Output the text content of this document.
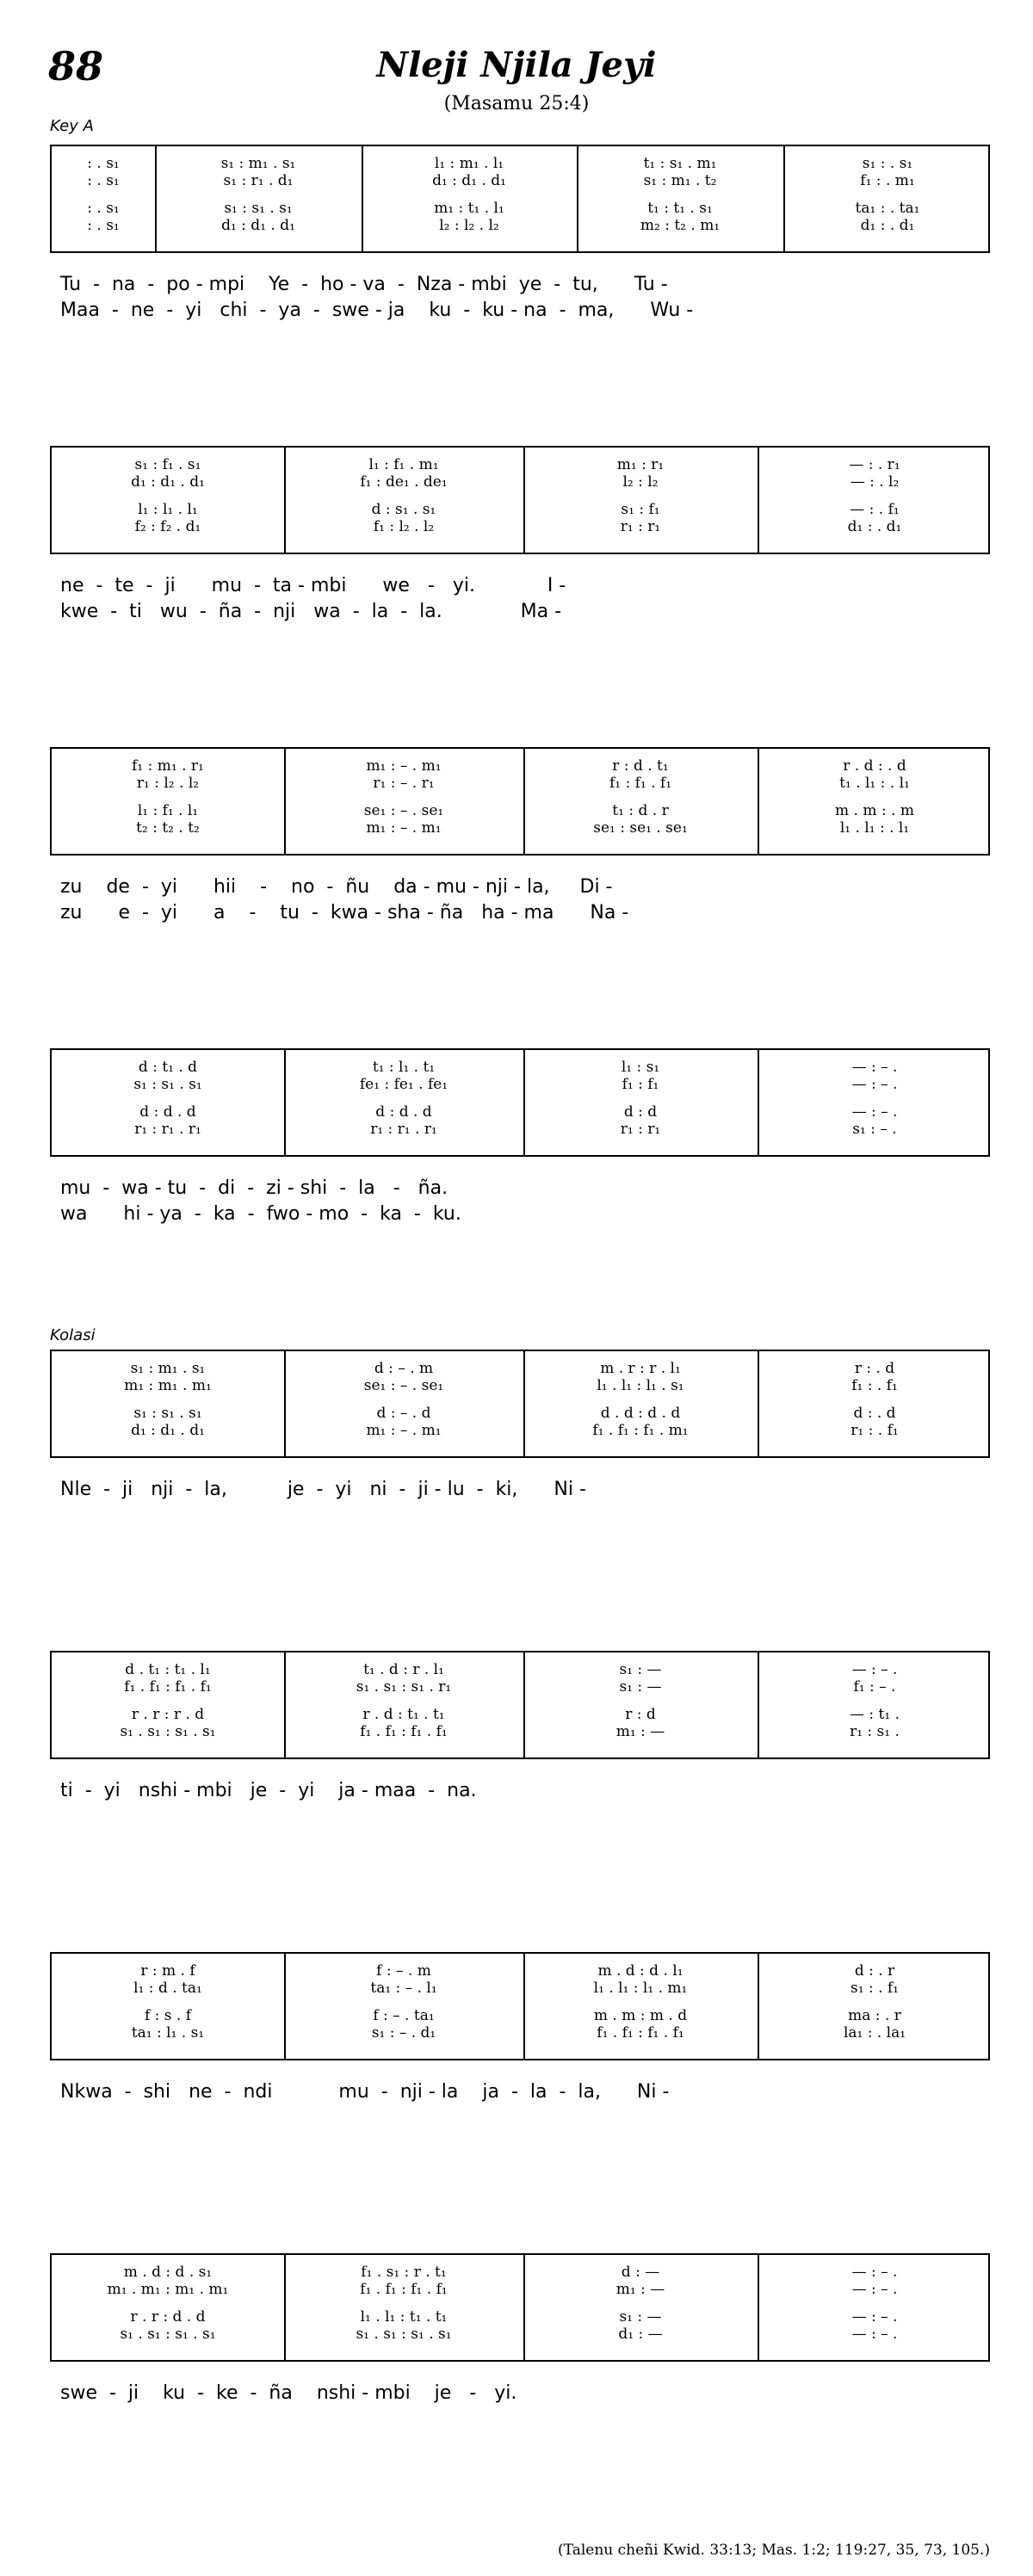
88	Nleji Njila Jeyi
(Masamu 25:4)
Key A
Kolasi
(Talenu cheñi Kwid. 33:13; Mas. 1:2; 119:27, 35, 73, 105.)
: . s₁
: . s₁
: . s₁
: . s₁
s₁ : m₁ . s₁
s₁ : r₁ . d₁
s₁ : s₁ . s₁
d₁ : d₁ . d₁
l₁ : m₁ . l₁
d₁ : d₁ . d₁
m₁ : t₁ . l₁
l₂ : l₂ . l₂
t₁ : s₁ . m₁
s₁ : m₁ . t₂
t₁ : t₁ . s₁
m₂ : t₂ . m₁
s₁ : . s₁
f₁ : . m₁
ta₁ : . ta₁
d₁ : . d₁
Tu  -  na  -  po - mpi    Ye  -  ho - va  -  Nza - mbi  ye  -  tu,      Tu -
Maa  -  ne  -  yi   chi  -  ya  -  swe - ja    ku  -  ku - na  -  ma,      Wu -
s₁ : f₁ . s₁
d₁ : d₁ . d₁
l₁ : l₁ . l₁
f₂ : f₂ . d₁
l₁ : f₁ . m₁
f₁ : de₁ . de₁
d : s₁ . s₁
f₁ : l₂ . l₂
m₁ : r₁
l₂ : l₂
s₁ : f₁
r₁ : r₁
— : . r₁
— : . l₂
— : . f₁
d₁ : . d₁
ne  -  te  -  ji      mu  -  ta - mbi      we   -   yi.            I -
kwe  -  ti   wu  -  ña  -  nji   wa  -  la  -  la.             Ma -
f₁ : m₁ . r₁
r₁ : l₂ . l₂
l₁ : f₁ . l₁
t₂ : t₂ . t₂
m₁ : – . m₁
r₁ : – . r₁
se₁ : – . se₁
m₁ : – . m₁
r : d . t₁
f₁ : f₁ . f₁
t₁ : d . r
se₁ : se₁ . se₁
r . d : . d
t₁ . l₁ : . l₁
m . m : . m
l₁ . l₁ : . l₁
zu    de  -  yi      hii    -    no  -  ñu    da - mu - nji - la,     Di -
zu      e  -  yi      a    -    tu  -  kwa - sha - ña   ha - ma      Na -
d : t₁ . d
s₁ : s₁ . s₁
d : d . d
r₁ : r₁ . r₁
t₁ : l₁ . t₁
fe₁ : fe₁ . fe₁
d : d . d
r₁ : r₁ . r₁
l₁ : s₁
f₁ : f₁
d : d
r₁ : r₁
— : – .
— : – .
— : – .
s₁ : – .
mu  -  wa - tu  -  di  -  zi - shi  -  la   -   ña.
wa      hi - ya  -  ka  -  fwo - mo  -  ka  -  ku.
s₁ : m₁ . s₁
m₁ : m₁ . m₁
s₁ : s₁ . s₁
d₁ : d₁ . d₁
d : – . m
se₁ : – . se₁
d : – . d
m₁ : – . m₁
m . r : r . l₁
l₁ . l₁ : l₁ . s₁
d . d : d . d
f₁ . f₁ : f₁ . m₁
r : . d
f₁ : . f₁
d : . d
r₁ : . f₁
Nle  -  ji   nji  -  la,          je  -  yi   ni  -  ji - lu  -  ki,      Ni -
d . t₁ : t₁ . l₁
f₁ . f₁ : f₁ . f₁
r . r : r . d
s₁ . s₁ : s₁ . s₁
t₁ . d : r . l₁
s₁ . s₁ : s₁ . r₁
r . d : t₁ . t₁
f₁ . f₁ : f₁ . f₁
s₁ : —
s₁ : —
r : d
m₁ : —
— : – .
f₁ : – .
— : t₁ .
r₁ : s₁ .
ti  -  yi   nshi - mbi   je  -  yi    ja - maa  -  na.
r : m . f
l₁ : d . ta₁
f : s . f
ta₁ : l₁ . s₁
f : – . m
ta₁ : – . l₁
f : – . ta₁
s₁ : – . d₁
m . d : d . l₁
l₁ . l₁ : l₁ . m₁
m . m : m . d
f₁ . f₁ : f₁ . f₁
d : . r
s₁ : . f₁
ma : . r
la₁ : . la₁
Nkwa  -  shi   ne  -  ndi           mu  -  nji - la    ja  -  la  -  la,      Ni -
m . d : d . s₁
m₁ . m₁ : m₁ . m₁
r . r : d . d
s₁ . s₁ : s₁ . s₁
f₁ . s₁ : r . t₁
f₁ . f₁ : f₁ . f₁
l₁ . l₁ : t₁ . t₁
s₁ . s₁ : s₁ . s₁
d : —
m₁ : —
s₁ : —
d₁ : —
— : – .
— : – .
— : – .
— : – .
swe  -  ji    ku  -  ke  -  ña    nshi - mbi    je   -   yi.
